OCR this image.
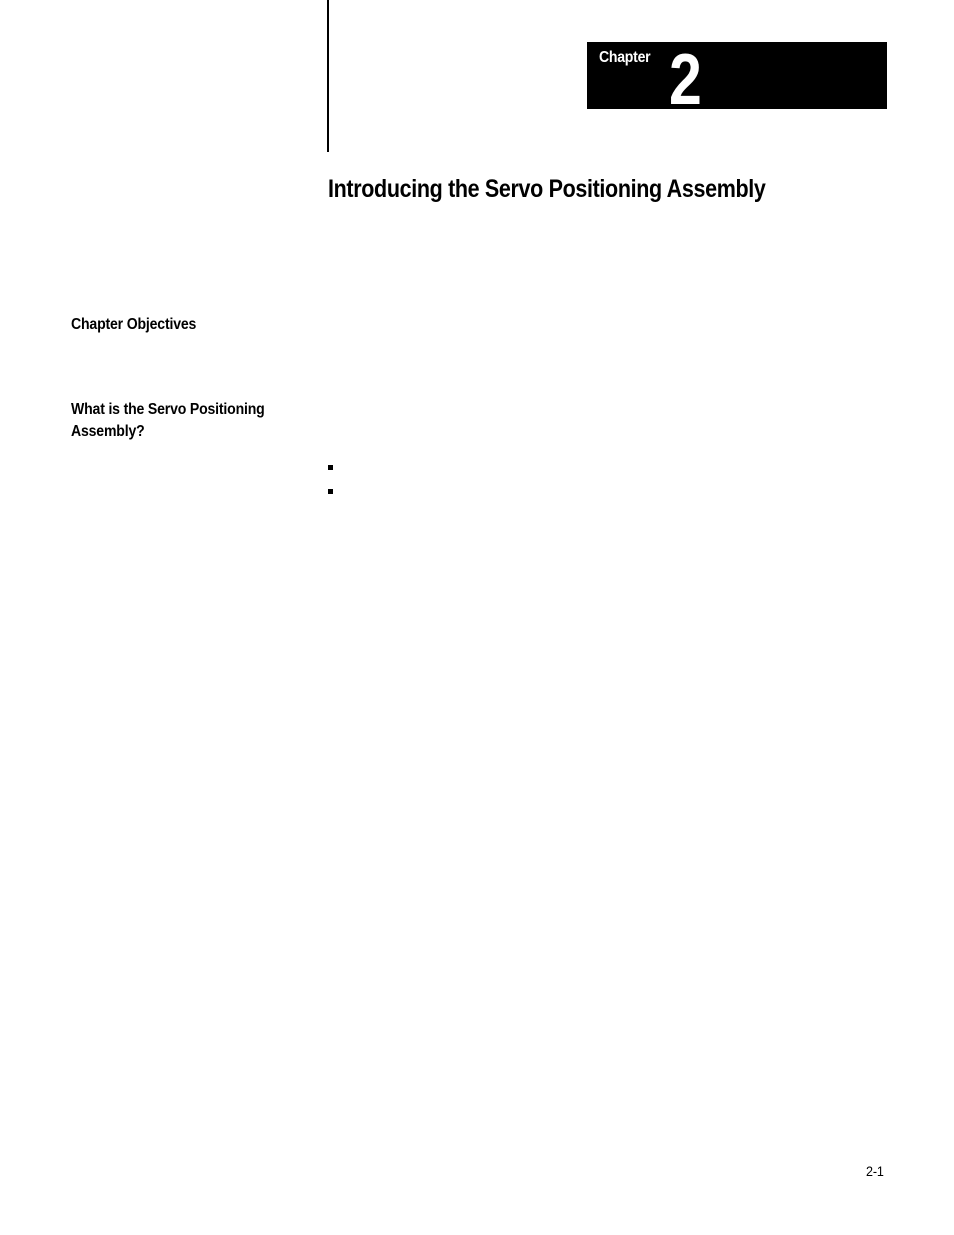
Chapter 2
Introducing the Servo Positioning Assembly
Chapter Objectives
What is the Servo Positioning Assembly?
2-1
